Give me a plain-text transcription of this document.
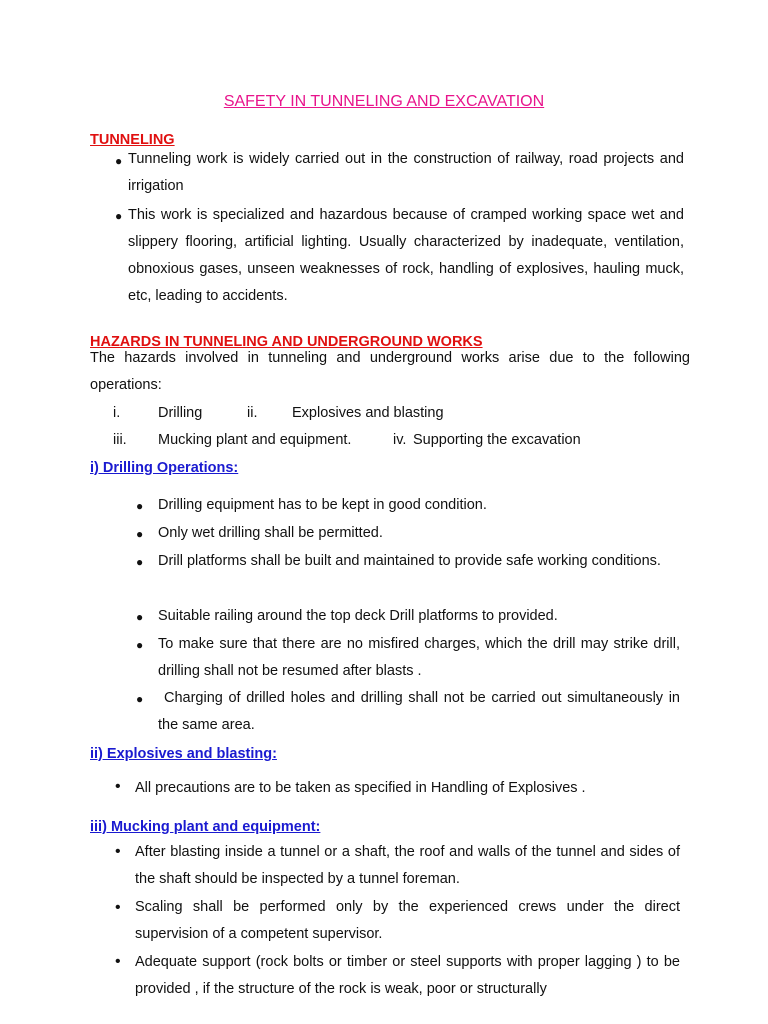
SAFETY IN TUNNELING AND EXCAVATION
TUNNELING
● Tunneling work is widely carried out in the construction of railway, road projects and irrigation
● This work is specialized and hazardous because of cramped working space wet and slippery flooring, artificial lighting. Usually characterized by inadequate, ventilation, obnoxious gases, unseen weaknesses of rock, handling of explosives, hauling muck, etc, leading to accidents.
HAZARDS IN TUNNELING AND UNDERGROUND WORKS
The hazards involved in tunneling and underground works arise due to the following operations:
i.	Drilling	ii. Explosives and blasting
iii. Mucking plant and equipment.	iv. Supporting the excavation
i) Drilling Operations:
● Drilling equipment has to be kept in good condition.
● Only wet drilling shall be permitted.
● Drill platforms shall be built and maintained to provide safe working conditions.
● Suitable railing around the top deck Drill platforms to provided.
● To make sure that there are no misfired charges, which the drill may strike drill, drilling shall not be resumed after blasts .
●	Charging of drilled holes and drilling shall not be carried out simultaneously in the same area.
ii) Explosives and blasting:
• All precautions are to be taken as specified in Handling of Explosives .
iii) Mucking plant and equipment:
• After blasting inside a tunnel or a shaft, the roof and walls of the tunnel and sides of the shaft should be inspected by a tunnel foreman.
• Scaling shall be performed only by the experienced crews under the direct supervision of a competent supervisor.
• Adequate support (rock bolts or timber or steel supports with proper lagging ) to be provided , if the structure of the rock is weak, poor or structurally
